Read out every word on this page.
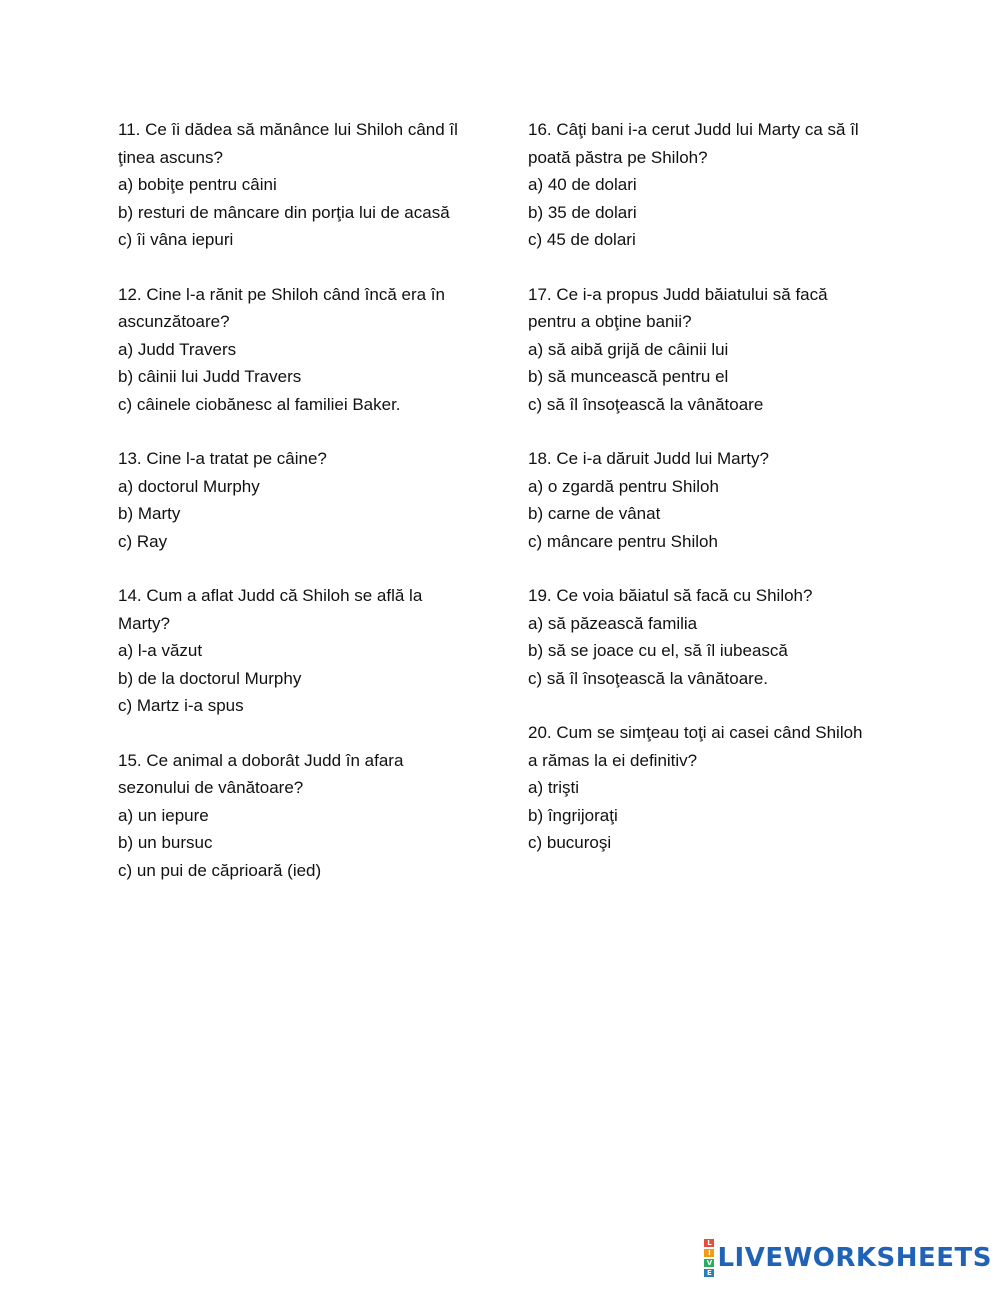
11. Ce îi dădea să mănânce lui Shiloh când îl
ţinea ascuns?
a) bobiţe pentru câini
b) resturi de mâncare din porţia lui de acasă
c) îi vâna iepuri
12. Cine l-a rănit pe Shiloh când încă era în
ascunzătoare?
a) Judd Travers
b) câinii lui Judd Travers
c) câinele ciobănesc al familiei Baker.
13. Cine l-a tratat pe câine?
a) doctorul Murphy
b) Marty
c) Ray
14. Cum a aflat Judd că Shiloh se află la
Marty?
a) l-a văzut
b) de la doctorul Murphy
c) Martz i-a spus
15. Ce animal a doborât Judd în afara
sezonului de vânătoare?
a) un iepure
b) un bursuc
c) un pui de căprioară (ied)
16. Câţi bani i-a cerut Judd lui Marty ca să îl
poată păstra pe Shiloh?
a) 40 de dolari
b) 35 de dolari
c) 45 de dolari
17. Ce i-a propus Judd băiatului să facă
pentru a obţine banii?
a) să aibă grijă de câinii lui
b) să muncească pentru el
c) să îl însoţească la vânătoare
18. Ce i-a dăruit Judd lui Marty?
a) o zgardă pentru Shiloh
b) carne de vânat
c) mâncare pentru Shiloh
19. Ce voia băiatul să facă cu Shiloh?
a) să păzească familia
b) să se joace cu el, să îl iubească
c) să îl însoţească la vânătoare.
20. Cum se simţeau toţi ai casei când Shiloh
a rămas la ei definitiv?
a) trişti
b) îngrijoraţi
c) bucuroşi
L
I
V
E LIVEWORKSHEETS
